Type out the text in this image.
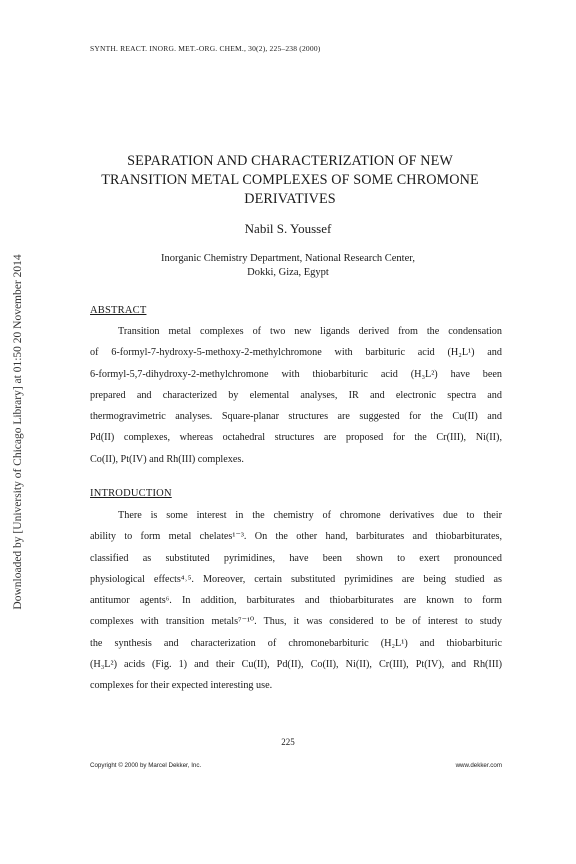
Downloaded by [University of Chicago Library] at 01:50 20 November 2014
SYNTH. REACT. INORG. MET.-ORG. CHEM., 30(2), 225–238 (2000)
SEPARATION AND CHARACTERIZATION OF NEW
TRANSITION METAL COMPLEXES OF SOME CHROMONE
DERIVATIVES
Nabil S. Youssef
Inorganic Chemistry Department, National Research Center,
Dokki, Giza, Egypt
ABSTRACT
Transition metal complexes of two new ligands derived from the condensation
of 6-formyl-7-hydroxy-5-methoxy-2-methylchromone with barbituric acid (H₂L¹) and
6-formyl-5,7-dihydroxy-2-methylchromone with thiobarbituric acid (H₃L²) have been
prepared and characterized by elemental analyses, IR and electronic spectra and
thermogravimetric analyses. Square-planar structures are suggested for the Cu(II) and
Pd(II) complexes, whereas octahedral structures are proposed for the Cr(III), Ni(II),
Co(II), Pt(IV) and Rh(III) complexes.
INTRODUCTION
There is some interest in the chemistry of chromone derivatives due to their
ability to form metal chelates¹⁻³. On the other hand, barbiturates and thiobarbiturates,
classified as substituted pyrimidines, have been shown to exert pronounced
physiological effects⁴˒⁵. Moreover, certain substituted pyrimidines are being studied as
antitumor agents⁶. In addition, barbiturates and thiobarbiturates are known to form
complexes with transition metals⁷⁻¹⁰. Thus, it was considered to be of interest to study
the synthesis and characterization of chromonebarbituric (H₂L¹) and thiobarbituric
(H₃L²) acids (Fig. 1) and their Cu(II), Pd(II), Co(II), Ni(II), Cr(III), Pt(IV), and Rh(III)
complexes for their expected interesting use.
225
Copyright © 2000 by Marcel Dekker, Inc.	www.dekker.com
